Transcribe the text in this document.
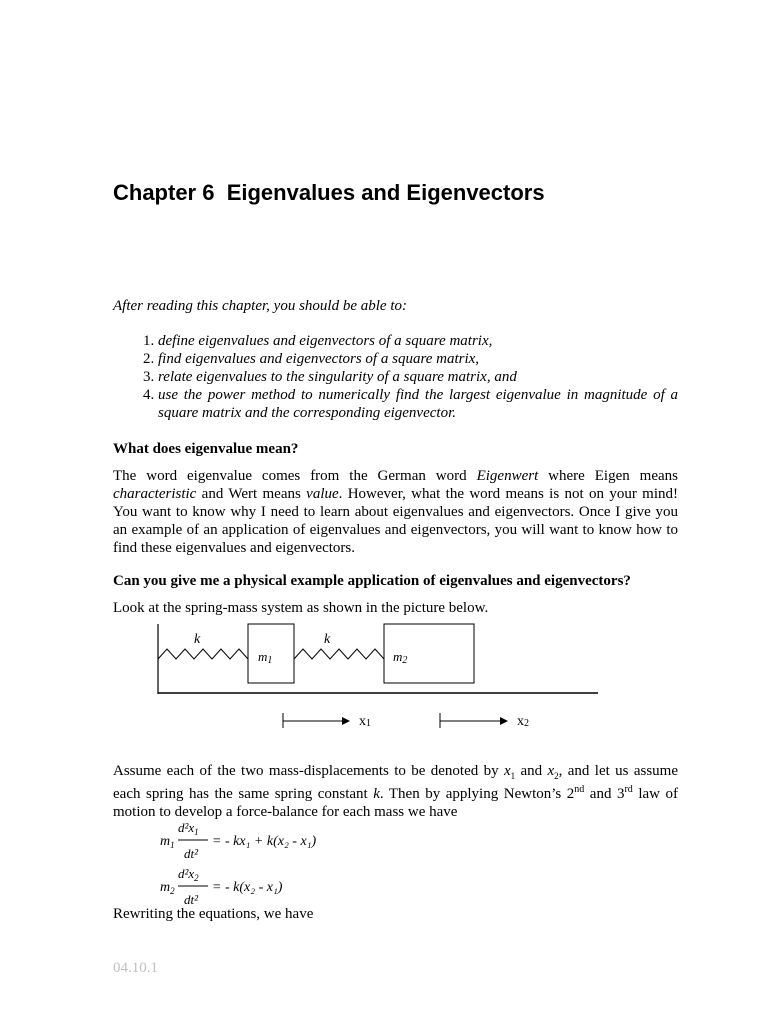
Chapter 6  Eigenvalues and Eigenvectors
After reading this chapter, you should be able to:
1. define eigenvalues and eigenvectors of a square matrix,
2. find eigenvalues and eigenvectors of a square matrix,
3. relate eigenvalues to the singularity of a square matrix, and
4. use the power method to numerically find the largest eigenvalue in magnitude of a square matrix and the corresponding eigenvector.
What does eigenvalue mean?

The word eigenvalue comes from the German word Eigenwert where Eigen means characteristic and Wert means value. However, what the word means is not on your mind! You want to know why I need to learn about eigenvalues and eigenvectors. Once I give you an example of an application of eigenvalues and eigenvectors, you will want to know how to find these eigenvalues and eigenvectors.

Can you give me a physical example application of eigenvalues and eigenvectors?

Look at the spring-mass system as shown in the picture below.

Assume each of the two mass-displacements to be denoted by $x_1$ and $x_2$, and let us assume each spring has the same spring constant k. Then by applying Newton’s 2nd and 3rd law of motion to develop a force-balance for each mass we have

Rewriting the equations, we have

k
m1
k
m2
x1	x2
$m_1$
$d^2x_1$
dt²
= - kx₁ + k(x₂ - x₁)
$m_2$
$d^2x_2$
dt²
= - k(x₂ - x₁)
04.10.1
